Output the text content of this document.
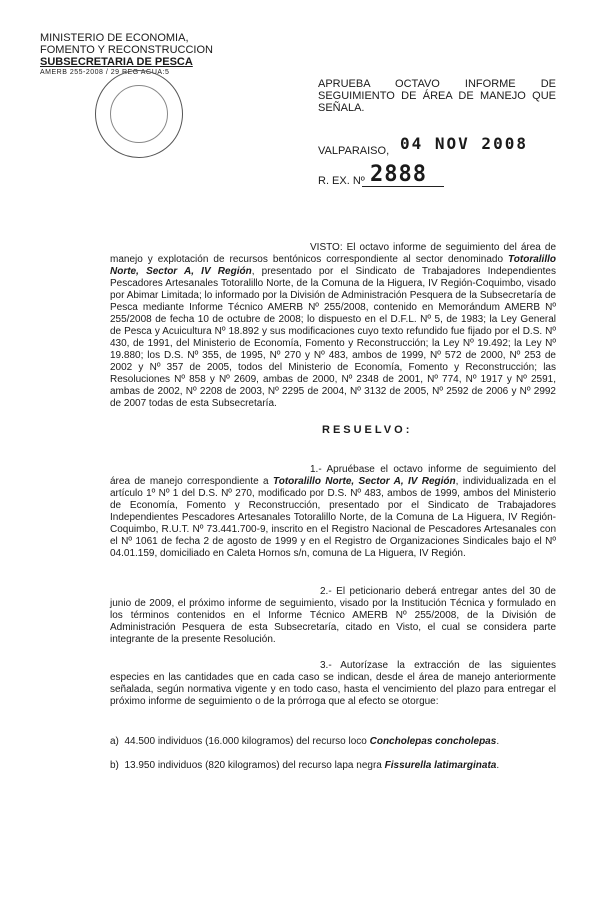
MINISTERIO DE ECONOMIA,
FOMENTO Y RECONSTRUCCION
SUBSECRETARIA DE PESCA
AMERB 255-2008 / 29 REG AGUA:5
APRUEBA OCTAVO INFORME DE SEGUIMIENTO DE ÁREA DE MANEJO QUE SEÑALA.
04 NOV 2008
VALPARAISO,
2888
R. EX. Nº
VISTO: El octavo informe de seguimiento del área de manejo y explotación de recursos bentónicos correspondiente al sector denominado Totoralillo Norte, Sector A, IV Región, presentado por el Sindicato de Trabajadores Independientes Pescadores Artesanales Totoralillo Norte, de la Comuna de la Higuera, IV Región-Coquimbo, visado por Abimar Limitada; lo informado por la División de Administración Pesquera de la Subsecretaría de Pesca mediante Informe Técnico AMERB Nº 255/2008, contenido en Memorándum AMERB Nº 255/2008 de fecha 10 de octubre de 2008; lo dispuesto en el D.F.L. Nº 5, de 1983; la Ley General de Pesca y Acuicultura Nº 18.892 y sus modificaciones cuyo texto refundido fue fijado por el D.S. Nº 430, de 1991, del Ministerio de Economía, Fomento y Reconstrucción; la Ley Nº 19.492; la Ley Nº 19.880; los D.S. Nº 355, de 1995, Nº 270 y Nº 483, ambos de 1999, Nº 572 de 2000, Nº 253 de 2002 y Nº 357 de 2005, todos del Ministerio de Economía, Fomento y Reconstrucción; las Resoluciones Nº 858 y Nº 2609, ambas de 2000, Nº 2348 de 2001, Nº 774, Nº 1917 y Nº 2591, ambas de 2002, Nº 2208 de 2003, Nº 2295 de 2004, Nº 3132 de 2005, Nº 2592 de 2006 y Nº 2992 de 2007 todas de esta Subsecretaría.
RESUELVO:
1.- Apruébase el octavo informe de seguimiento del área de manejo correspondiente a Totoralillo Norte, Sector A, IV Región, individualizada en el artículo 1º Nº 1 del D.S. Nº 270, modificado por D.S. Nº 483, ambos de 1999, ambos del Ministerio de Economía, Fomento y Reconstrucción, presentado por el Sindicato de Trabajadores Independientes Pescadores Artesanales Totoralillo Norte, de la Comuna de La Higuera, IV Región-Coquimbo, R.U.T. Nº 73.441.700-9, inscrito en el Registro Nacional de Pescadores Artesanales con el Nº 1061 de fecha 2 de agosto de 1999 y en el Registro de Organizaciones Sindicales bajo el Nº 04.01.159, domiciliado en Caleta Hornos s/n, comuna de La Higuera, IV Región.
2.- El peticionario deberá entregar antes del 30 de junio de 2009, el próximo informe de seguimiento, visado por la Institución Técnica y formulado en los términos contenidos en el Informe Técnico AMERB Nº 255/2008, de la División de Administración Pesquera de esta Subsecretaría, citado en Visto, el cual se considera parte integrante de la presente Resolución.
3.- Autorízase la extracción de las siguientes especies en las cantidades que en cada caso se indican, desde el área de manejo anteriormente señalada, según normativa vigente y en todo caso, hasta el vencimiento del plazo para entregar el próximo informe de seguimiento o de la prórroga que al efecto se otorgue:
a) 44.500 individuos (16.000 kilogramos) del recurso loco Concholepas concholepas.
b) 13.950 individuos (820 kilogramos) del recurso lapa negra Fissurella latimarginata.
